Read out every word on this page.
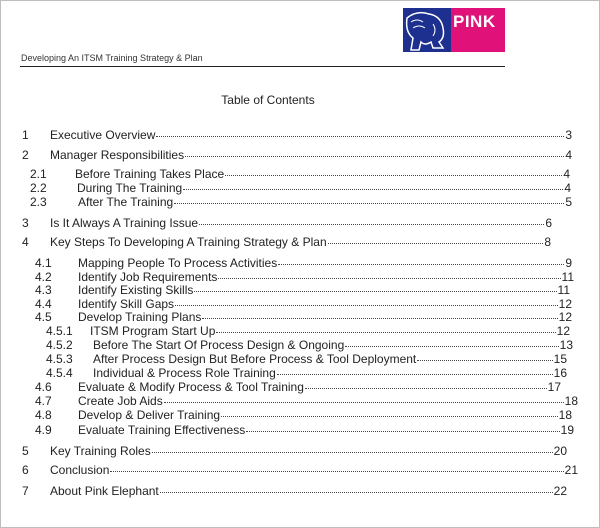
PINK
Developing An ITSM Training Strategy & Plan
Table of Contents
1 Executive Overview	3
2 Manager Responsibilities	4
2.1 Before Training Takes Place	4
2.2	During The Training	4
2.3	After The Training	5
3 Is It Always A Training Issue	6
4 Key Steps To Developing A Training Strategy & Plan	8
4.1 Mapping People To Process Activities	9
4.2 Identify Job Requirements	11
4.3 Identify Existing Skills	11
4.4 Identify Skill Gaps	12
4.5 Develop Training Plans	12
4.5.1 ITSM Program Start Up	12
4.5.2 Before The Start Of Process Design & Ongoing	13
4.5.3 After Process Design But Before Process & Tool Deployment	15
4.5.4 Individual & Process Role Training	16
4.6 Evaluate & Modify Process & Tool Training	17
4.7 Create Job Aids	18
4.8 Develop & Deliver Training	18
4.9 Evaluate Training Effectiveness	19
5 Key Training Roles	20
6 Conclusion	21
7 About Pink Elephant	22
